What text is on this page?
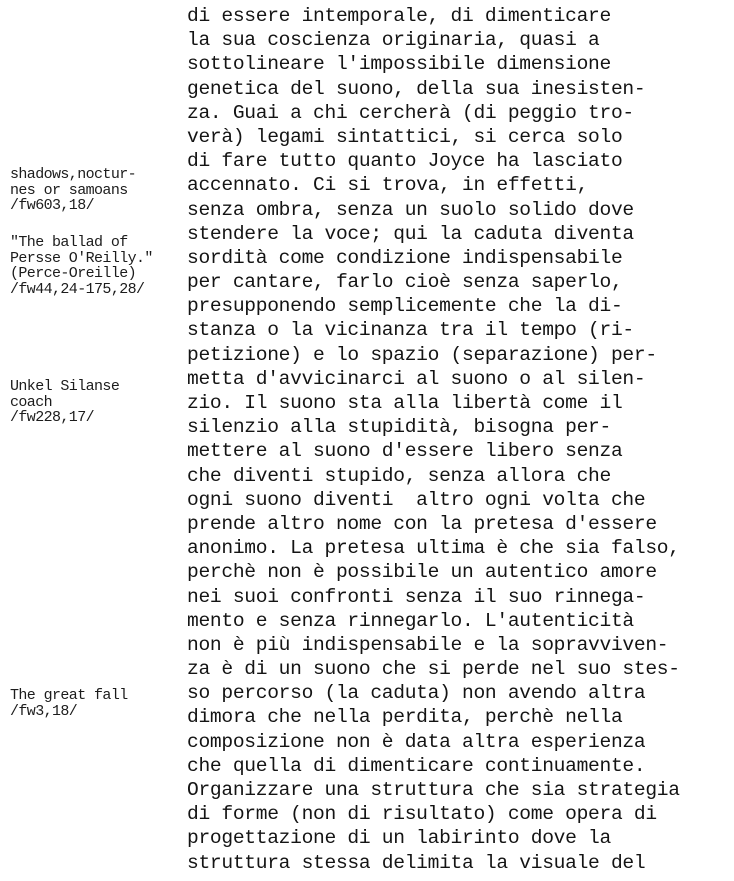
di essere intemporale, di dimenticare
la sua coscienza originaria, quasi a
sottolineare l'impossibile dimensione
genetica del suono, della sua inesisten-
za. Guai a chi cercherà (di peggio tro-
verà) legami sintattici, si cerca solo
di fare tutto quanto Joyce ha lasciato
accennato. Ci si trova, in effetti,
senza ombra, senza un suolo solido dove
stendere la voce; qui la caduta diventa
sordità come condizione indispensabile
per cantare, farlo cioè senza saperlo,
presupponendo semplicemente che la di-
stanza o la vicinanza tra il tempo (ri-
petizione) e lo spazio (separazione) per-
metta d'avvicinarci al suono o al silen-
zio. Il suono sta alla libertà come il
silenzio alla stupidità, bisogna per-
mettere al suono d'essere libero senza
che diventi stupido, senza allora che
ogni suono diventi  altro ogni volta che
prende altro nome con la pretesa d'essere
anonimo. La pretesa ultima è che sia falso,
perchè non è possibile un autentico amore
nei suoi confronti senza il suo rinnega-
mento e senza rinnegarlo. L'autenticità
non è più indispensabile e la sopravviven-
za è di un suono che si perde nel suo stes-
so percorso (la caduta) non avendo altra
dimora che nella perdita, perchè nella
composizione non è data altra esperienza
che quella di dimenticare continuamente.
Organizzare una struttura che sia strategia
di forme (non di risultato) come opera di
progettazione di un labirinto dove la
struttura stessa delimita la visuale del
shadows,noctur-
nes or samoans
/fw603,18/
"The ballad of
Persse O'Reilly."
(Perce-Oreille)
/fw44,24-175,28/
Unkel Silanse
coach
/fw228,17/
The great fall
/fw3,18/
